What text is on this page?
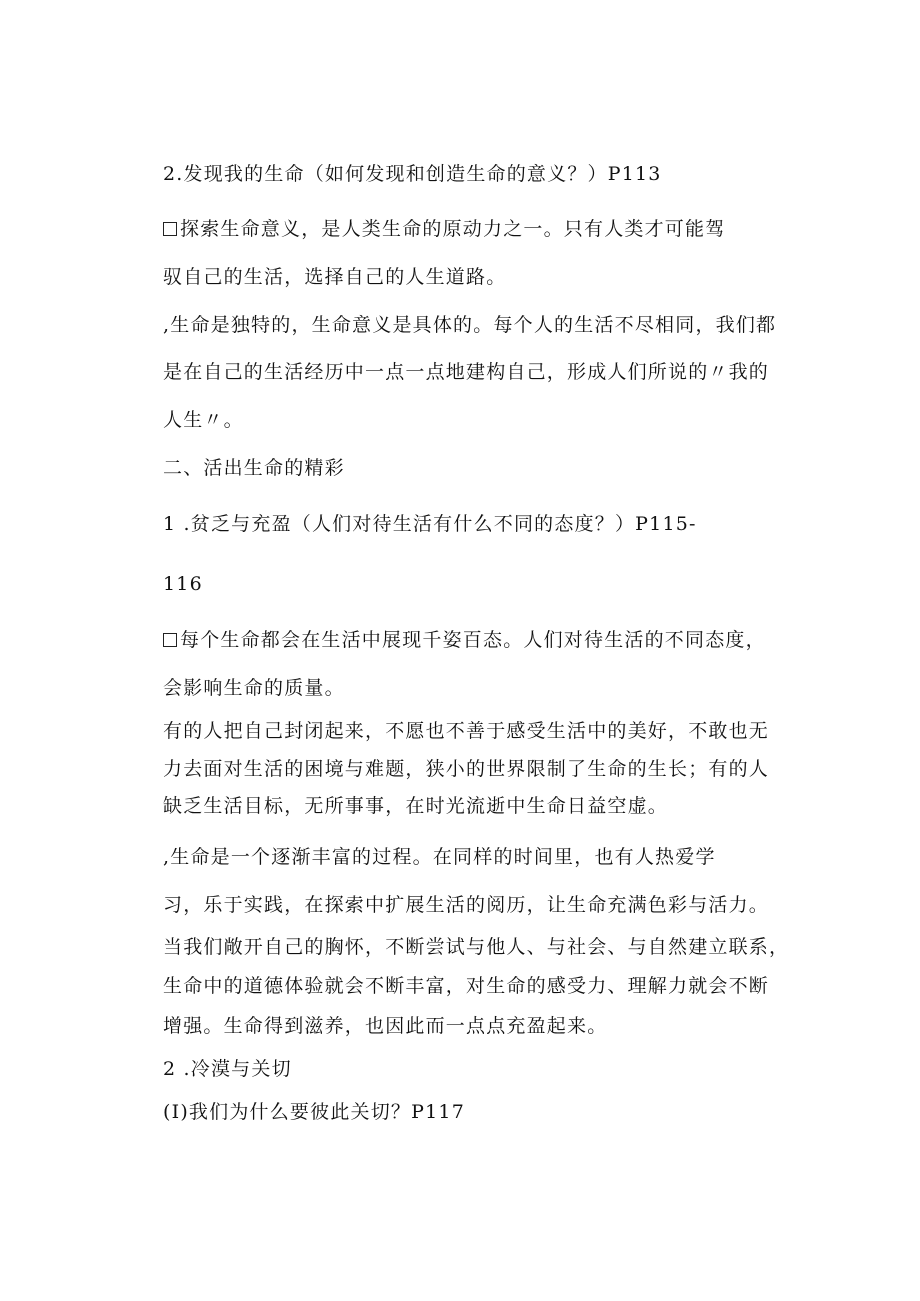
2.发现我的生命（如何发现和创造生命的意义？）P113
探索生命意义，是人类生命的原动力之一。只有人类才可能驾
驭自己的生活，选择自己的人生道路。
,生命是独特的，生命意义是具体的。每个人的生活不尽相同，我们都
是在自己的生活经历中一点一点地建构自己，形成人们所说的〃我的
人生〃。
二、活出生命的精彩
1 .贫乏与充盈（人们对待生活有什么不同的态度？）P115-
116
每个生命都会在生活中展现千姿百态。人们对待生活的不同态度，
会影响生命的质量。
有的人把自己封闭起来，不愿也不善于感受生活中的美好，不敢也无
力去面对生活的困境与难题，狭小的世界限制了生命的生长；有的人
缺乏生活目标，无所事事，在时光流逝中生命日益空虚。
,生命是一个逐渐丰富的过程。在同样的时间里，也有人热爱学
习，乐于实践，在探索中扩展生活的阅历，让生命充满色彩与活力。
当我们敞开自己的胸怀，不断尝试与他人、与社会、与自然建立联系，
生命中的道德体验就会不断丰富，对生命的感受力、理解力就会不断
增强。生命得到滋养，也因此而一点点充盈起来。
2 .冷漠与关切
(I)我们为什么要彼此关切？P117
